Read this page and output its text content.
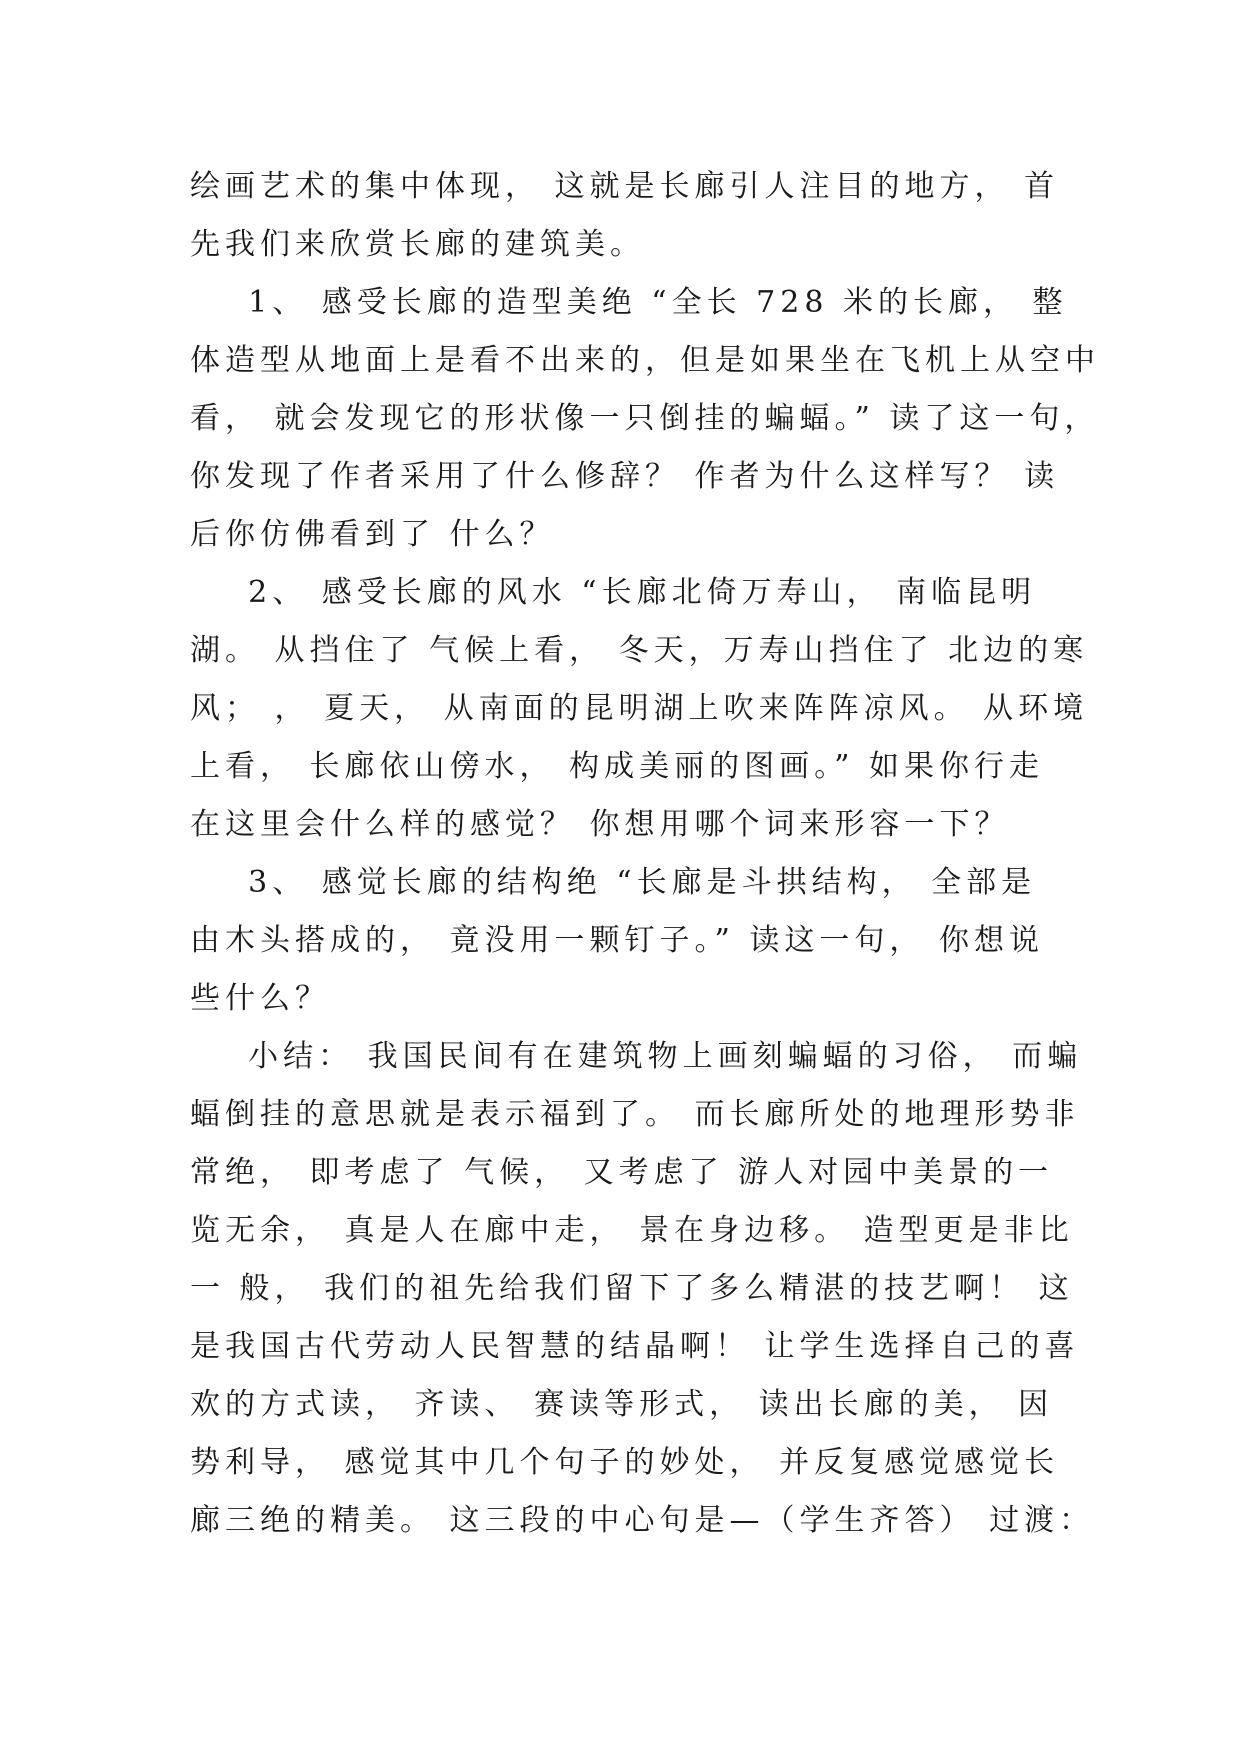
绘画艺术的集中体现， 这就是长廊引人注目的地方， 首
先我们来欣赏长廊的建筑美。
1、 感受长廊的造型美绝 “全长 728 米的长廊， 整
体造型从地面上是看不出来的，但是如果坐在飞机上从空中
看， 就会发现它的形状像一只倒挂的蝙蝠。” 读了这一句，
你发现了作者采用了什么修辞？ 作者为什么这样写？ 读
后你仿佛看到了 什么？
2、 感受长廊的风水 “长廊北倚万寿山， 南临昆明
湖。 从挡住了 气候上看， 冬天，万寿山挡住了 北边的寒
风； ， 夏天， 从南面的昆明湖上吹来阵阵凉风。 从环境
上看， 长廊依山傍水， 构成美丽的图画。” 如果你行走
在这里会什么样的感觉？ 你想用哪个词来形容一下？
3、 感觉长廊的结构绝 “长廊是斗拱结构， 全部是
由木头搭成的， 竟没用一颗钉子。” 读这一句， 你想说
些什么？
小结： 我国民间有在建筑物上画刻蝙蝠的习俗， 而蝙
蝠倒挂的意思就是表示福到了。 而长廊所处的地理形势非
常绝， 即考虑了 气候， 又考虑了 游人对园中美景的一
览无余， 真是人在廊中走， 景在身边移。 造型更是非比
一 般， 我们的祖先给我们留下了多么精湛的技艺啊！ 这
是我国古代劳动人民智慧的结晶啊！ 让学生选择自己的喜
欢的方式读， 齐读、 赛读等形式， 读出长廊的美， 因
势利导， 感觉其中几个句子的妙处， 并反复感觉感觉长
廊三绝的精美。 这三段的中心句是—（学生齐答） 过渡：
